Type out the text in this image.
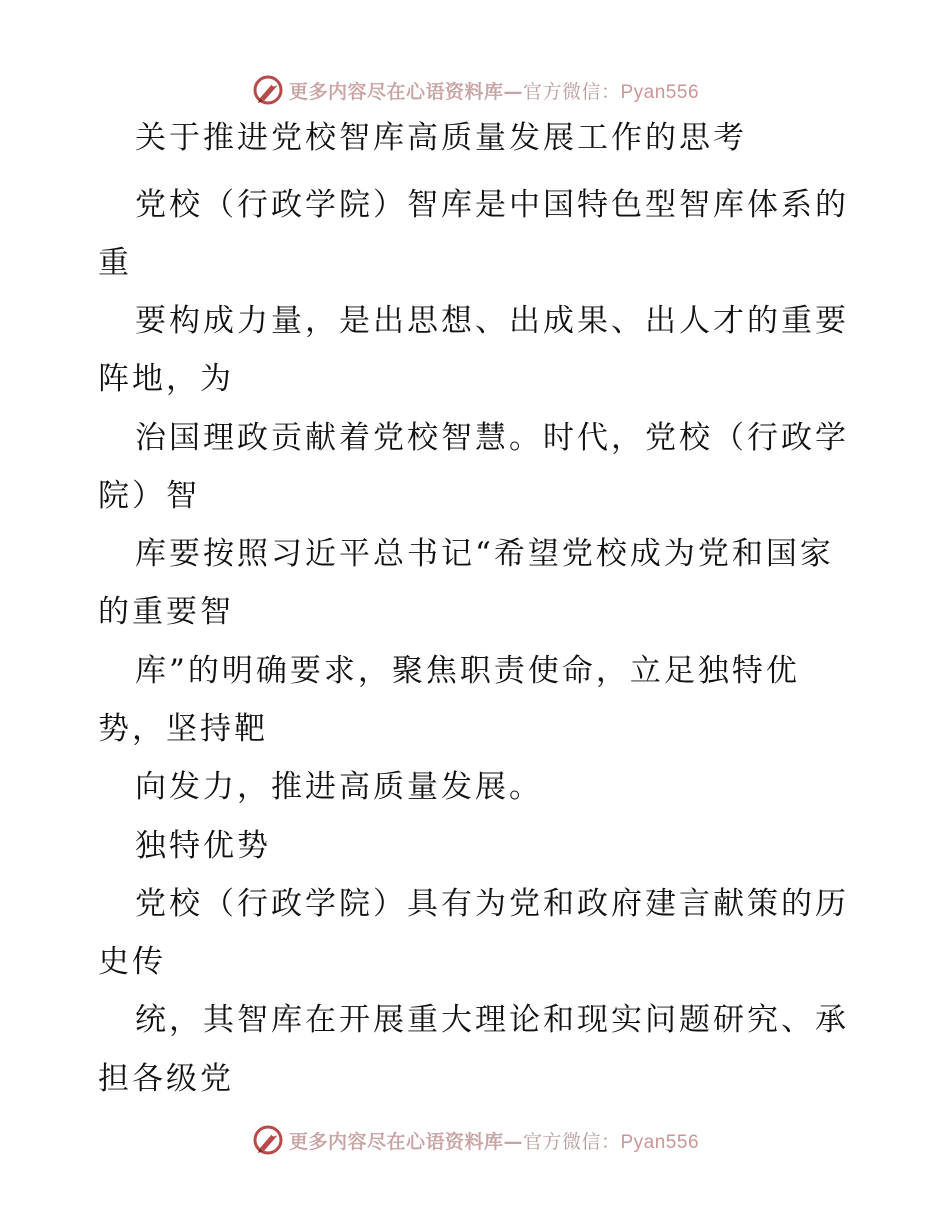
更多内容尽在心语资料库—官方微信：Pyan556
关于推进党校智库高质量发展工作的思考
党校（行政学院）智库是中国特色型智库体系的
重
要构成力量，是出思想、出成果、出人才的重要
阵地，为
治国理政贡献着党校智慧。时代，党校（行政学
院）智
库要按照习近平总书记“希望党校成为党和国家
的重要智
库”的明确要求，聚焦职责使命，立足独特优
势，坚持靶
向发力，推进高质量发展。
独特优势
党校（行政学院）具有为党和政府建言献策的历
史传
统，其智库在开展重大理论和现实问题研究、承
担各级党
更多内容尽在心语资料库—官方微信：Pyan556
